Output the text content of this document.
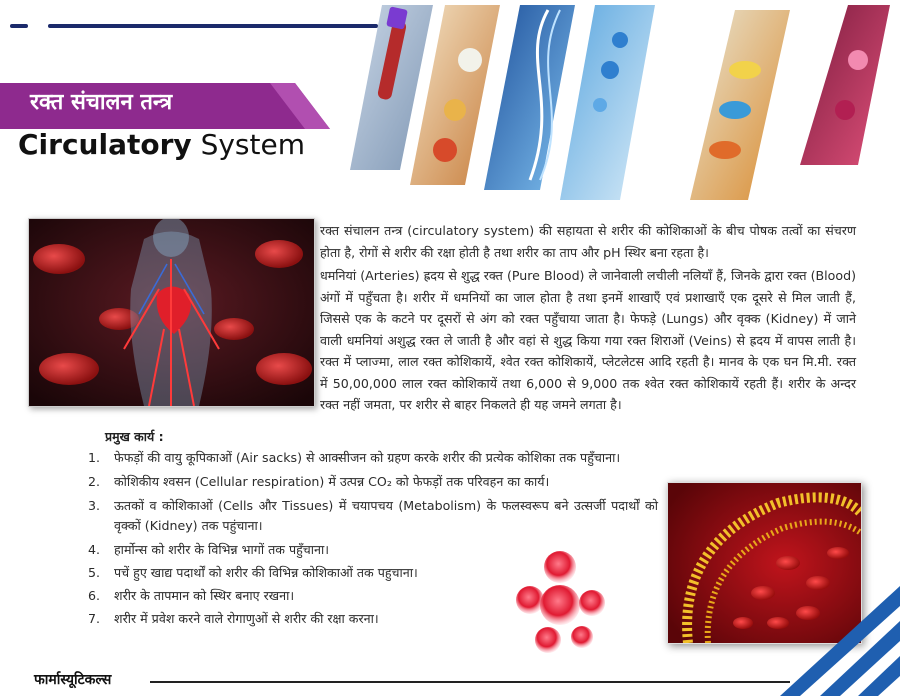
रक्त संचालन तन्त्र
Circulatory System
रक्त संचालन तन्त्र (circulatory system) की सहायता से शरीर की कोशिकाओं के बीच पोषक तत्वों का संचरण होता है, रोगों से शरीर की रक्षा होती है तथा शरीर का ताप और pH स्थिर बना रहता है।
धमनियां (Arteries) ह्रदय से शुद्ध रक्त (Pure Blood) ले जानेवाली लचीली नलियाँ हैं, जिनके द्वारा रक्त (Blood) अंगों में पहुँचता है। शरीर में धमनियों का जाल होता है तथा इनमें शाखाएँ एवं प्रशाखाएँ एक दूसरे से मिल जाती हैं, जिससे एक के कटने पर दूसरों से अंग को रक्त पहुँचाया जाता है। फेफड़े (Lungs) और वृक्क (Kidney) में जाने वाली धमनियां अशुद्ध रक्त ले जाती है और वहां से शुद्ध किया गया रक्त शिराओं (Veins) से ह्रदय में वापस लाती है। रक्त में प्लाज्मा, लाल रक्त कोशिकायें, श्वेत रक्त कोशिकायें, प्लेटलेटस आदि रहती है। मानव के एक घन मि.मी. रक्त में 50,00,000 लाल रक्त कोशिकायें तथा 6,000 से 9,000 तक श्वेत रक्त कोशिकायें रहती हैं। शरीर के अन्दर रक्त नहीं जमता, पर शरीर से बाहर निकलते ही यह जमने लगता है।
प्रमुख कार्य :
1.	फेफड़ों की वायु कूपिकाओं (Air sacks) से आक्सीजन को ग्रहण करके शरीर की प्रत्येक कोशिका तक पहुँचाना।
2.	कोशिकीय श्वसन (Cellular respiration) में उत्पन्न CO₂ को फेफड़ों तक परिवहन का कार्य।
3.	ऊतकों व कोशिकाओं (Cells और Tissues) में चयापचय (Metabolism) के फलस्वरूप बने उत्सर्जी पदार्थों को वृक्कों (Kidney) तक पहुंचाना।
4.	हार्मोन्स को शरीर के विभिन्न भागों तक पहुँचाना।
5.	पचें हुए खाद्य पदार्थों को शरीर की विभिन्न कोशिकाओं तक पहुचाना।
6.	शरीर के तापमान को स्थिर बनाए रखना।
7.	शरीर में प्रवेश करने वाले रोगाणुओं से शरीर की रक्षा करना।
फार्मास्यूटिकल्स
